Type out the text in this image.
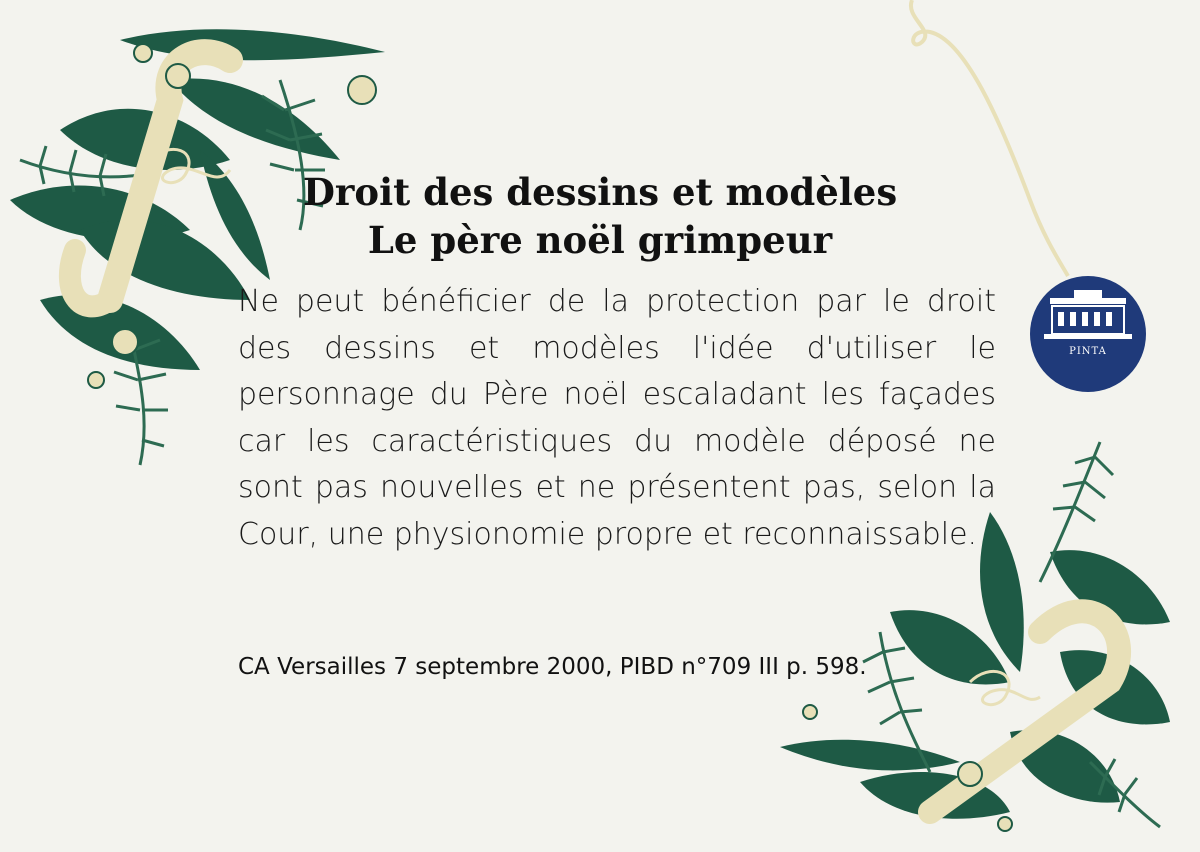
Droit des dessins et modèles
Le père noël grimpeur

Ne peut bénéficier de la protection par le droit des dessins et modèles l'idée d'utiliser le personnage du Père noël escaladant les façades car les caractéristiques du modèle déposé ne sont pas nouvelles et ne présentent pas, selon la Cour, une physionomie propre et reconnaissable.

CA Versailles 7 septembre 2000, PIBD n°709 III p. 598.

PINTA
